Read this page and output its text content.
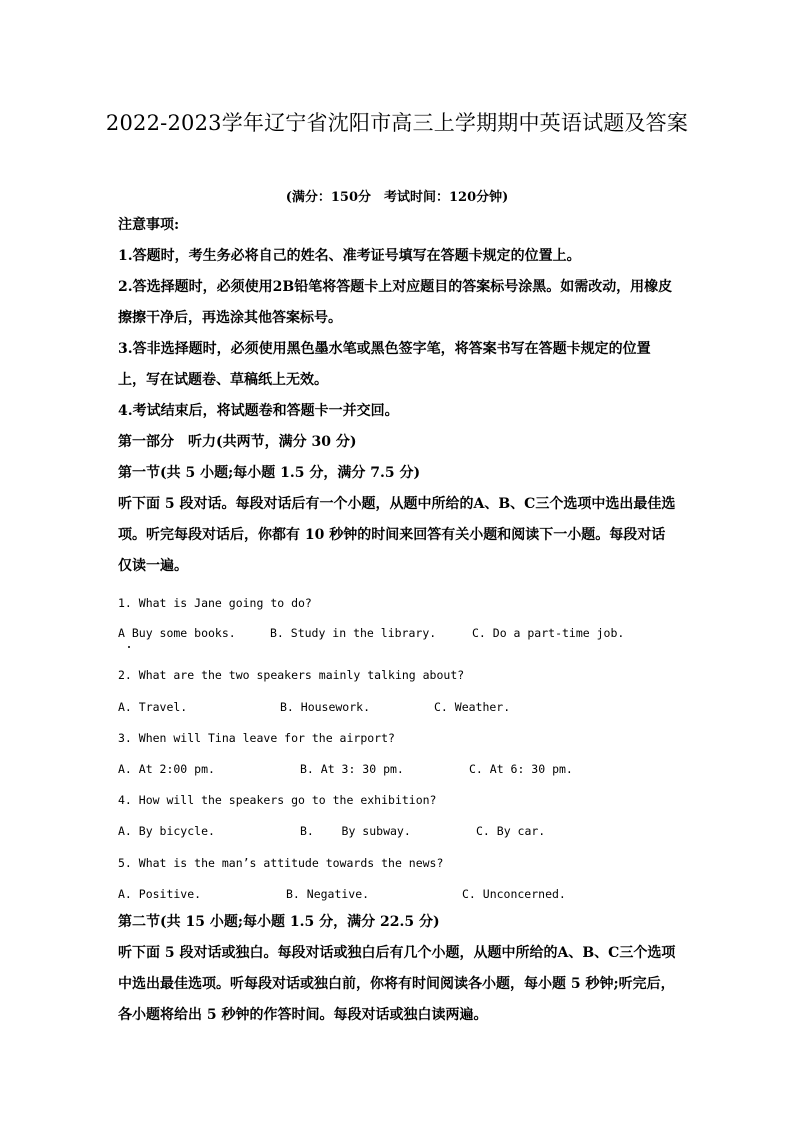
2022-2023学年辽宁省沈阳市高三上学期期中英语试题及答案
(满分：150分　考试时间：120分钟)
注意事项:
1.答题时，考生务必将自己的姓名、准考证号填写在答题卡规定的位置上。
2.答选择题时，必须使用2B铅笔将答题卡上对应题目的答案标号涂黑。如需改动，用橡皮擦擦干净后，再选涂其他答案标号。
3.答非选择题时，必须使用黑色墨水笔或黑色签字笔，将答案书写在答题卡规定的位置上，写在试题卷、草稿纸上无效。
4.考试结束后，将试题卷和答题卡一并交回。
第一部分　听力(共两节，满分 30 分)
第一节(共 5 小题;每小题 1.5 分，满分 7.5 分)
听下面 5 段对话。每段对话后有一个小题，从题中所给的A、B、C三个选项中选出最佳选项。听完每段对话后，你都有 10 秒钟的时间来回答有关小题和阅读下一小题。每段对话仅读一遍。
1. What is Jane going to do?
A Buy some books.	B. Study in the library.	C. Do a part-time job.
2. What are the two speakers mainly talking about?
A. Travel.	B. Housework.	C. Weather.
3. When will Tina leave for the airport?
A. At 2:00 pm.	B. At 3: 30 pm.	C. At 6: 30 pm.
4. How will the speakers go to the exhibition?
A. By bicycle.	B.    By subway.	C. By car.
5. What is the man’s attitude towards the news?
A. Positive.	B. Negative.	C. Unconcerned.
第二节(共 15 小题;每小题 1.5 分，满分 22.5 分)
听下面 5 段对话或独白。每段对话或独白后有几个小题，从题中所给的A、B、C三个选项中选出最佳选项。听每段对话或独白前，你将有时间阅读各小题，每小题 5 秒钟;听完后，各小题将给出 5 秒钟的作答时间。每段对话或独白读两遍。
